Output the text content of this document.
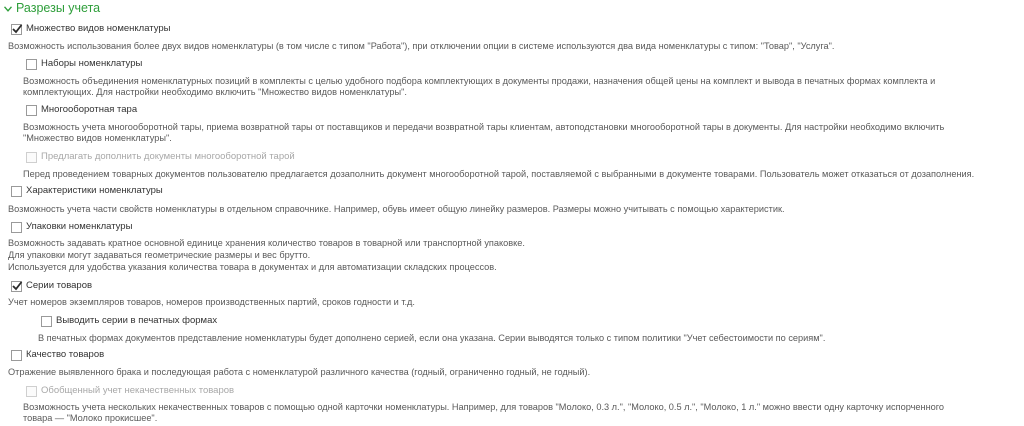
Разрезы учета
Множество видов номенклатуры
Возможность использования более двух видов номенклатуры (в том числе с типом "Работа"), при отключении опции в системе используются два вида номенклатуры с типом: "Товар", "Услуга".
Наборы номенклатуры
Возможность объединения номенклатурных позиций в комплекты с целью удобного подбора комплектующих в документы продажи, назначения общей цены на комплект и вывода в печатных формах комплекта и
комплектующих. Для настройки необходимо включить "Множество видов номенклатуры".
Многооборотная тара
Возможность учета многооборотной тары, приема возвратной тары от поставщиков и передачи возвратной тары клиентам, автоподстановки многооборотной тары в документы. Для настройки необходимо включить
"Множество видов номенклатуры".
Предлагать дополнить документы многооборотной тарой
Перед проведением товарных документов пользователю предлагается дозаполнить документ многооборотной тарой, поставляемой с выбранными в документе товарами. Пользователь может отказаться от дозаполнения.
Характеристики номенклатуры
Возможность учета части свойств номенклатуры в отдельном справочнике. Например, обувь имеет общую линейку размеров. Размеры можно учитывать с помощью характеристик.
Упаковки номенклатуры
Возможность задавать кратное основной единице хранения количество товаров в товарной или транспортной упаковке.
Для упаковки могут задаваться геометрические размеры и вес брутто.
Используется для удобства указания количества товара в документах и для автоматизации складских процессов.
Серии товаров
Учет номеров экземпляров товаров, номеров производственных партий, сроков годности и т.д.
Выводить серии в печатных формах
В печатных формах документов представление номенклатуры будет дополнено серией, если она указана. Серии выводятся только с типом политики "Учет себестоимости по сериям".
Качество товаров
Отражение выявленного брака и последующая работа с номенклатурой различного качества (годный, ограниченно годный, не годный).
Обобщенный учет некачественных товаров
Возможность учета нескольких некачественных товаров с помощью одной карточки номенклатуры. Например, для товаров "Молоко, 0.3 л.", "Молоко, 0.5 л.", "Молоко, 1 л." можно ввести одну карточку испорченного
товара — "Молоко прокисшее".
